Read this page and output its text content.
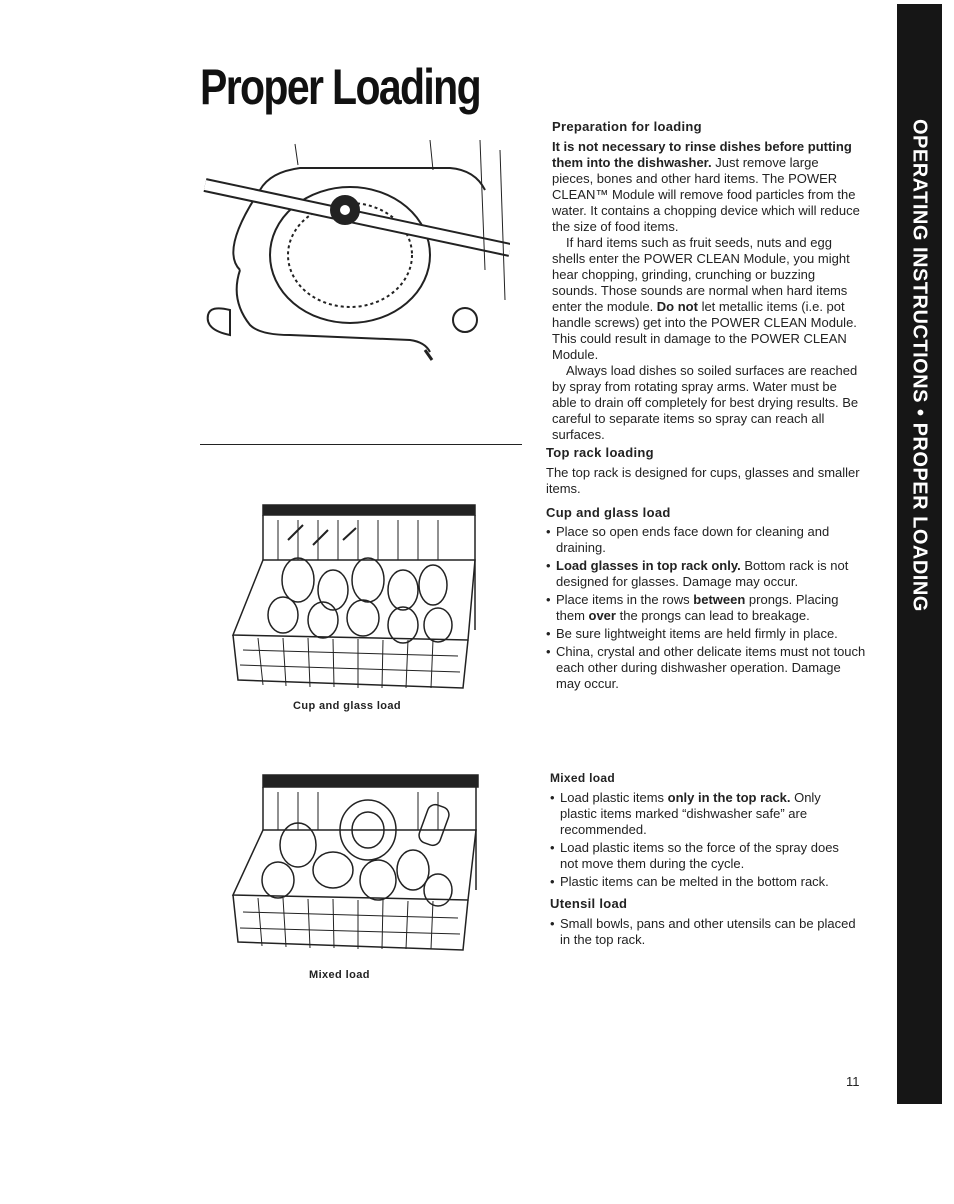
Proper Loading
OPERATING INSTRUCTIONS • PROPER LOADING
Preparation for loading

It is not necessary to rinse dishes before putting them into the dishwasher. Just remove large pieces, bones and other hard items. The POWER CLEAN™ Module will remove food particles from the water. It contains a chopping device which will reduce the size of food items.

If hard items such as fruit seeds, nuts and egg shells enter the POWER CLEAN Module, you might hear chopping, grinding, crunching or buzzing sounds. Those sounds are normal when hard items enter the module. Do not let metallic items (i.e. pot handle screws) get into the POWER CLEAN Module. This could result in damage to the POWER CLEAN Module.

Always load dishes so soiled surfaces are reached by spray from rotating spray arms. Water must be able to drain off completely for best drying results. Be careful to separate items so spray can reach all surfaces.

Top rack loading

The top rack is designed for cups, glasses and smaller items.

Cup and glass load
• Place so open ends face down for cleaning and draining.
• Load glasses in top rack only. Bottom rack is not designed for glasses. Damage may occur.
• Place items in the rows between prongs. Placing them over the prongs can lead to breakage.
• Be sure lightweight items are held firmly in place.
• China, crystal and other delicate items must not touch each other during dishwasher operation. Damage may occur.
Cup and glass load
Mixed load
Mixed load
• Load plastic items only in the top rack. Only plastic items marked “dishwasher safe” are recommended.
• Load plastic items so the force of the spray does not move them during the cycle.
• Plastic items can be melted in the bottom rack.
Utensil load
• Small bowls, pans and other utensils can be placed in the top rack.
11
